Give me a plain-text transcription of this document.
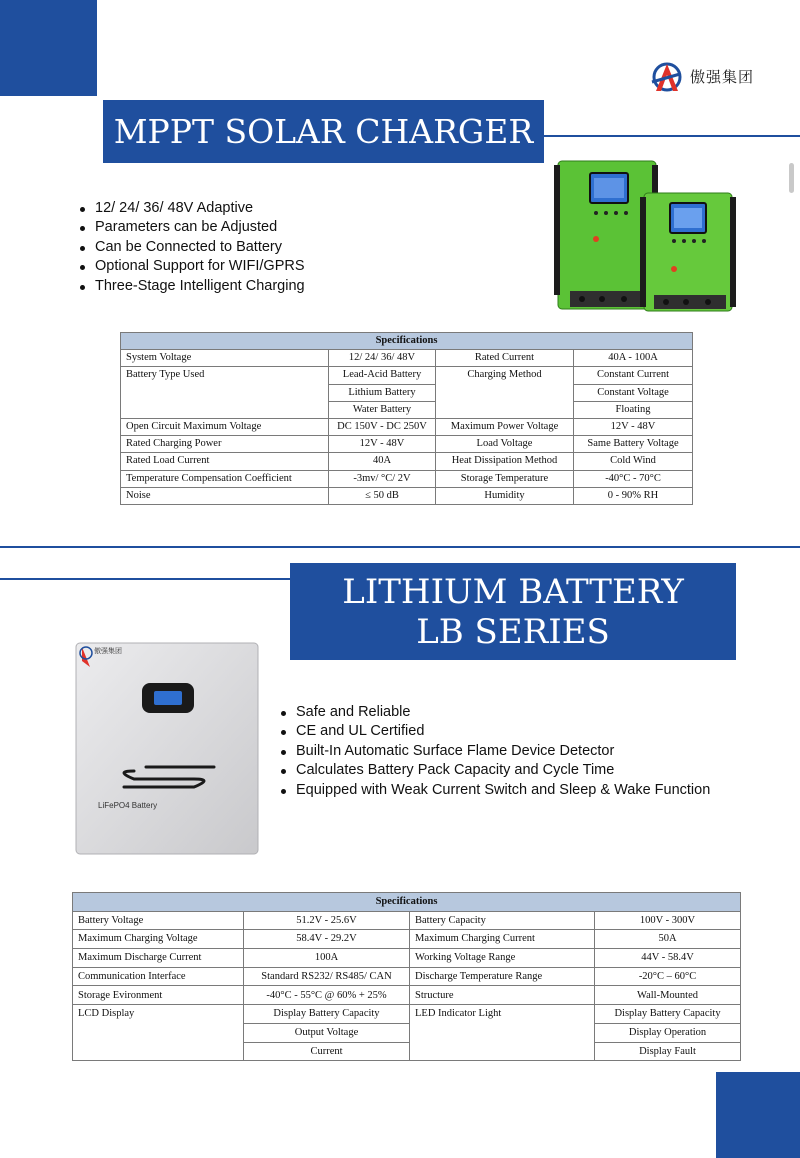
傲强集团
MPPT SOLAR CHARGER
12/ 24/ 36/ 48V Adaptive
Parameters can be Adjusted
Can be Connected to Battery
Optional Support for WIFI/GPRS
Three-Stage Intelligent Charging
Specifications			
System Voltage	12/ 24/ 36/ 48V	Rated Current	40A - 100A
Battery Type Used	Lead-Acid Battery	Charging Method	Constant Current
	Lithium Battery		Constant Voltage
	Water Battery		Floating
Open Circuit Maximum Voltage	DC 150V - DC 250V	Maximum Power Voltage	12V - 48V
Rated Charging Power	12V - 48V	Load Voltage	Same Battery Voltage
Rated Load Current	40A	Heat Dissipation Method	Cold Wind
Temperature Compensation Coefficient	-3mv/ °C/ 2V	Storage Temperature	-40°C - 70°C
Noise	≤ 50 dB	Humidity	0 - 90% RH
LITHIUM BATTERY
LB SERIES
傲强集团
LiFePO4 Battery
Safe and Reliable
CE and UL Certified
Built-In Automatic Surface Flame Device Detector
Calculates Battery Pack Capacity and Cycle Time
Equipped with Weak Current Switch and Sleep & Wake Function
Specifications			
Battery Voltage	51.2V - 25.6V	Battery Capacity	100V - 300V
Maximum Charging Voltage	58.4V - 29.2V	Maximum Charging Current	50A
Maximum Discharge Current	100A	Working Voltage Range	44V - 58.4V
Communication Interface	Standard RS232/ RS485/ CAN	Discharge Temperature Range	-20°C – 60°C
Storage Evironment	-40°C - 55°C @ 60% + 25%	Structure	Wall-Mounted
LCD Display	Display Battery Capacity	LED Indicator Light	Display Battery Capacity
	Output Voltage		Display Operation
	Current		Display Fault
